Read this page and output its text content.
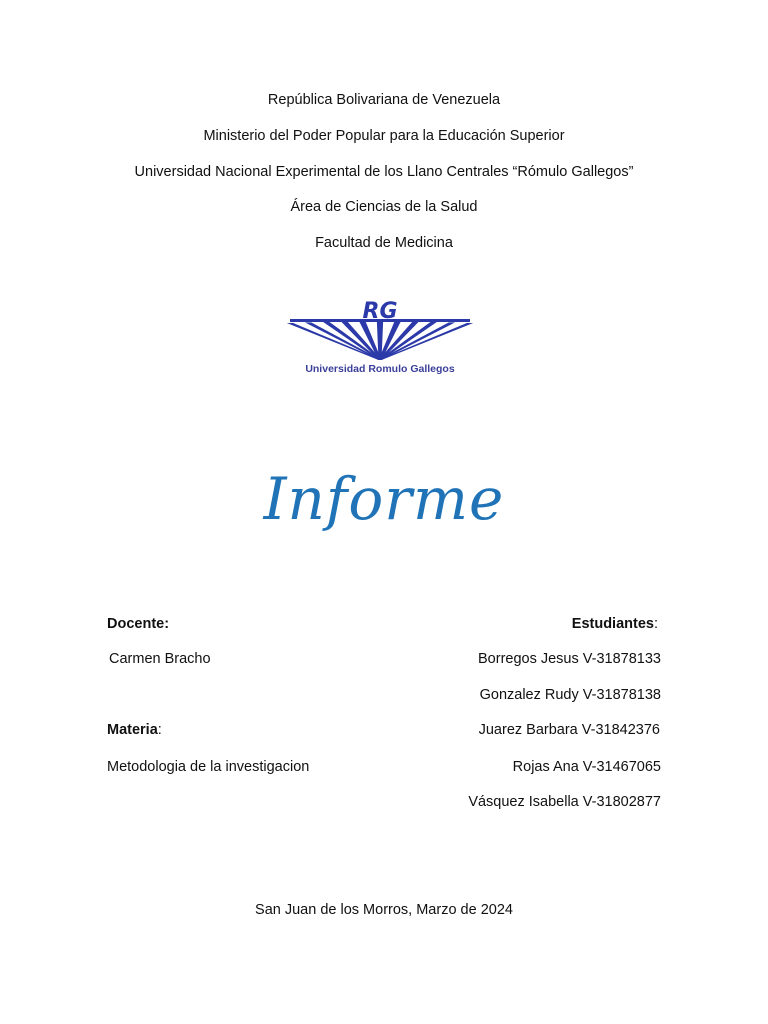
República Bolivariana de Venezuela
Ministerio del Poder Popular para la Educación Superior
Universidad Nacional Experimental de los Llano Centrales “Rómulo Gallegos”
Área de Ciencias de la Salud
Facultad de Medicina
RG
Universidad Romulo Gallegos
Informe
Docente:
Carmen Bracho
Materia:
Metodologia de la investigacion
Estudiantes:
Borregos Jesus V-31878133
Gonzalez Rudy V-31878138
Juarez Barbara V-31842376
Rojas Ana V-31467065
Vásquez Isabella V-31802877
San Juan de los Morros, Marzo de 2024
